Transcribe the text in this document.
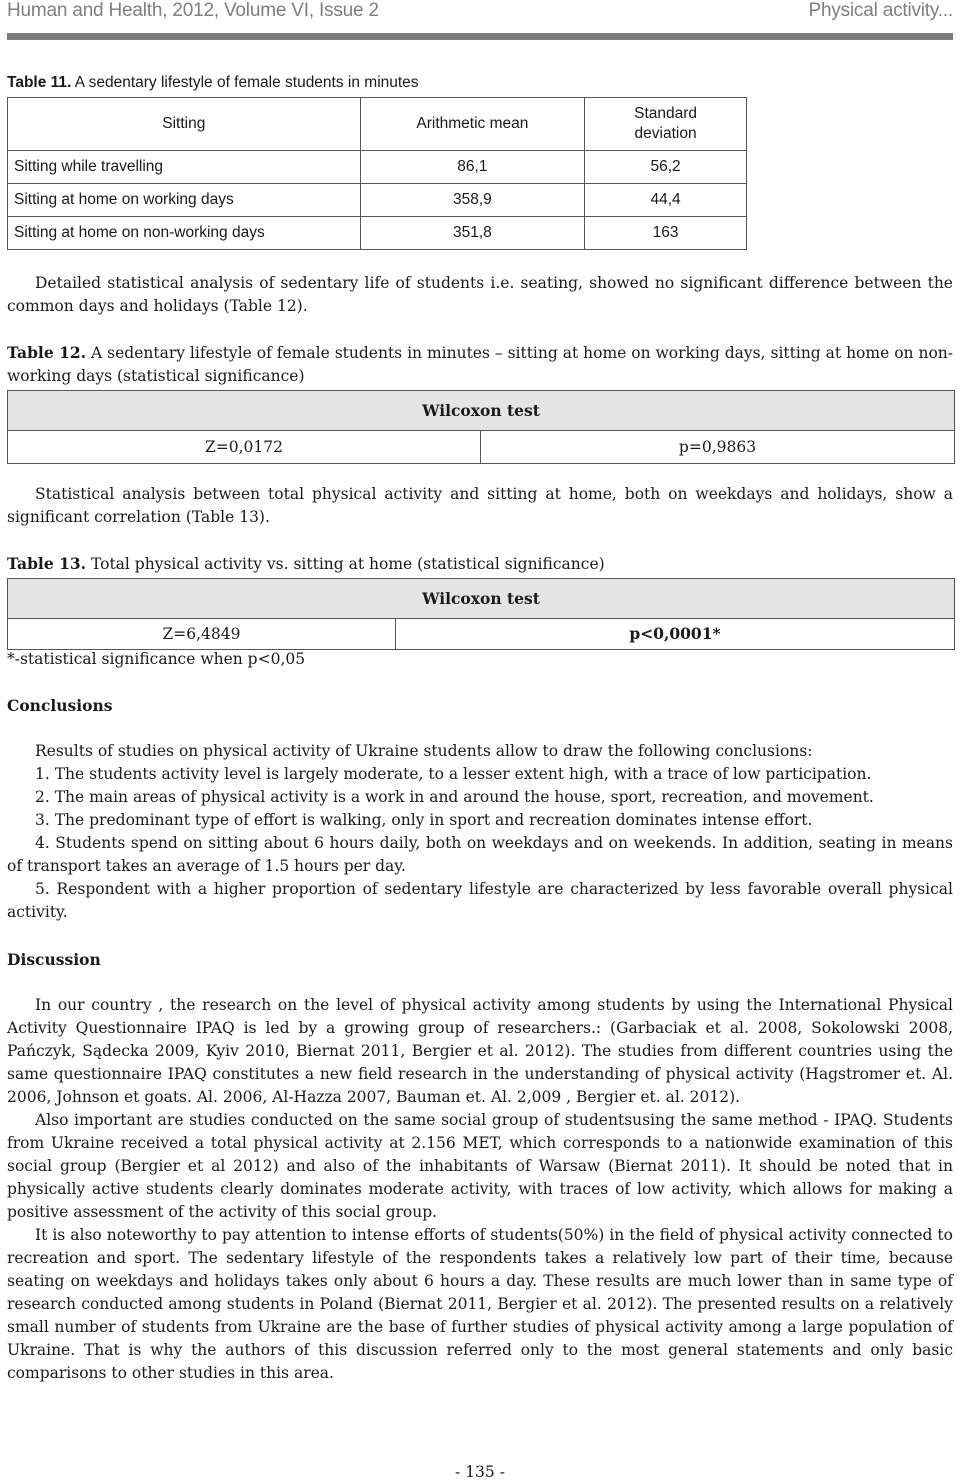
Human and Health, 2012, Volume VI, Issue 2	Physical activity...
Table 11. A sedentary lifestyle of female students in minutes
Sitting	Arithmetic mean	Standard deviation
Sitting while travelling	86,1	56,2
Sitting at home on working days	358,9	44,4
Sitting at home on non-working days	351,8	163
Detailed statistical analysis of sedentary life of students i.e. seating, showed no significant difference between the common days and holidays (Table 12).
Table 12. A sedentary lifestyle of female students in minutes – sitting at home on working days, sitting at home on non-working days (statistical significance)
Wilcoxon test
Z=0,0172	p=0,9863
Statistical analysis between total physical activity and sitting at home, both on weekdays and holidays, show a significant correlation (Table 13).
Table 13. Total physical activity vs. sitting at home (statistical significance)
Wilcoxon test
Z=6,4849	p<0,0001*
*-statistical significance when p<0,05
Conclusions
Results of studies on physical activity of Ukraine students allow to draw the following conclusions:
1. The students activity level is largely moderate, to a lesser extent high, with a trace of low participation.
2. The main areas of physical activity is a work in and around the house, sport, recreation, and movement.
3. The predominant type of effort is walking, only in sport and recreation dominates intense effort.
4. Students spend on sitting about 6 hours daily, both on weekdays and on weekends. In addition, seating in means of transport takes an average of 1.5 hours per day.
5. Respondent with a higher proportion of sedentary lifestyle are characterized by less favorable overall physical activity.
Discussion
In our country , the research on the level of physical activity among students by using the International Physical Activity Questionnaire IPAQ is led by a growing group of researchers.: (Garbaciak et al. 2008, Sokolowski 2008, Pańczyk, Sądecka 2009, Kyiv 2010, Biernat 2011, Bergier et al. 2012). The studies from different countries using the same questionnaire IPAQ constitutes a new field research in the understanding of physical activity (Hagstromer et. Al. 2006, Johnson et goats. Al. 2006, Al-Hazza 2007, Bauman et. Al. 2,009 , Bergier et. al. 2012).
Also important are studies conducted on the same social group of studentsusing the same method - IPAQ. Students from Ukraine received a total physical activity at 2.156 MET, which corresponds to a nationwide examination of this social group (Bergier et al 2012) and also of the inhabitants of Warsaw (Biernat 2011). It should be noted that in physically active students clearly dominates moderate activity, with traces of low activity, which allows for making a positive assessment of the activity of this social group.
It is also noteworthy to pay attention to intense efforts of students(50%) in the field of physical activity connected to recreation and sport. The sedentary lifestyle of the respondents takes a relatively low part of their time, because seating on weekdays and holidays takes only about 6 hours a day. These results are much lower than in same type of research conducted among students in Poland (Biernat 2011, Bergier et al. 2012). The presented results on a relatively small number of students from Ukraine are the base of further studies of physical activity among a large population of Ukraine. That is why the authors of this discussion referred only to the most general statements and only basic comparisons to other studies in this area.
- 135 -
